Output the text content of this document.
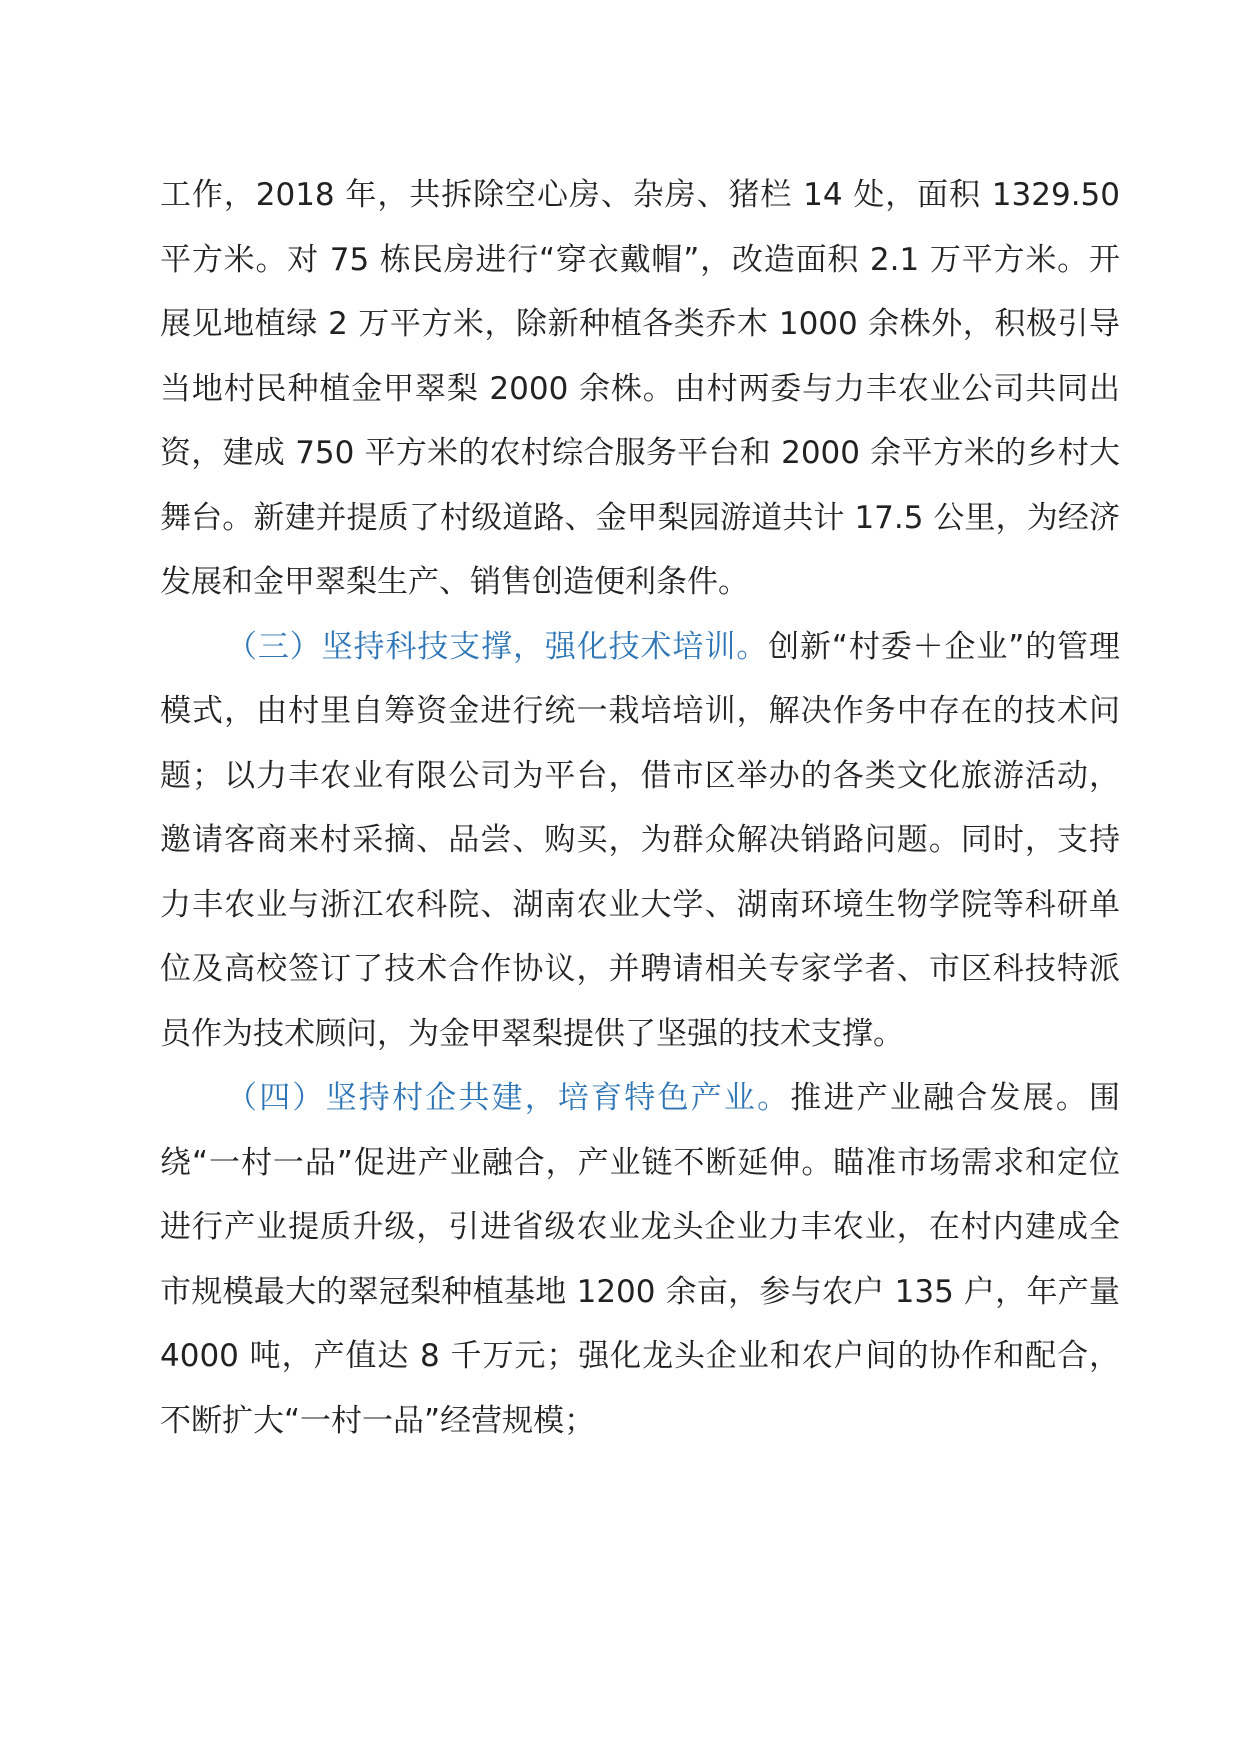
工作，2018 年，共拆除空心房、杂房、猪栏 14 处，面积 1329.50 平方米。对 75 栋民房进行“穿衣戴帽”，改造面积 2.1 万平方米。开展见地植绿 2 万平方米，除新种植各类乔木 1000 余株外，积极引导当地村民种植金甲翠梨 2000 余株。由村两委与力丰农业公司共同出资，建成 750 平方米的农村综合服务平台和 2000 余平方米的乡村大舞台。新建并提质了村级道路、金甲梨园游道共计 17.5 公里，为经济发展和金甲翠梨生产、销售创造便利条件。

（三）坚持科技支撑，强化技术培训。创新“村委＋企业”的管理模式，由村里自筹资金进行统一栽培培训，解决作务中存在的技术问题；以力丰农业有限公司为平台，借市区举办的各类文化旅游活动，邀请客商来村采摘、品尝、购买，为群众解决销路问题。同时，支持力丰农业与浙江农科院、湖南农业大学、湖南环境生物学院等科研单位及高校签订了技术合作协议，并聘请相关专家学者、市区科技特派员作为技术顾问，为金甲翠梨提供了坚强的技术支撑。

（四）坚持村企共建，培育特色产业。推进产业融合发展。围绕“一村一品”促进产业融合，产业链不断延伸。瞄准市场需求和定位进行产业提质升级，引进省级农业龙头企业力丰农业，在村内建成全市规模最大的翠冠梨种植基地 1200 余亩，参与农户 135 户，年产量 4000 吨，产值达 8 千万元；强化龙头企业和农户间的协作和配合，不断扩大“一村一品”经营规模；
